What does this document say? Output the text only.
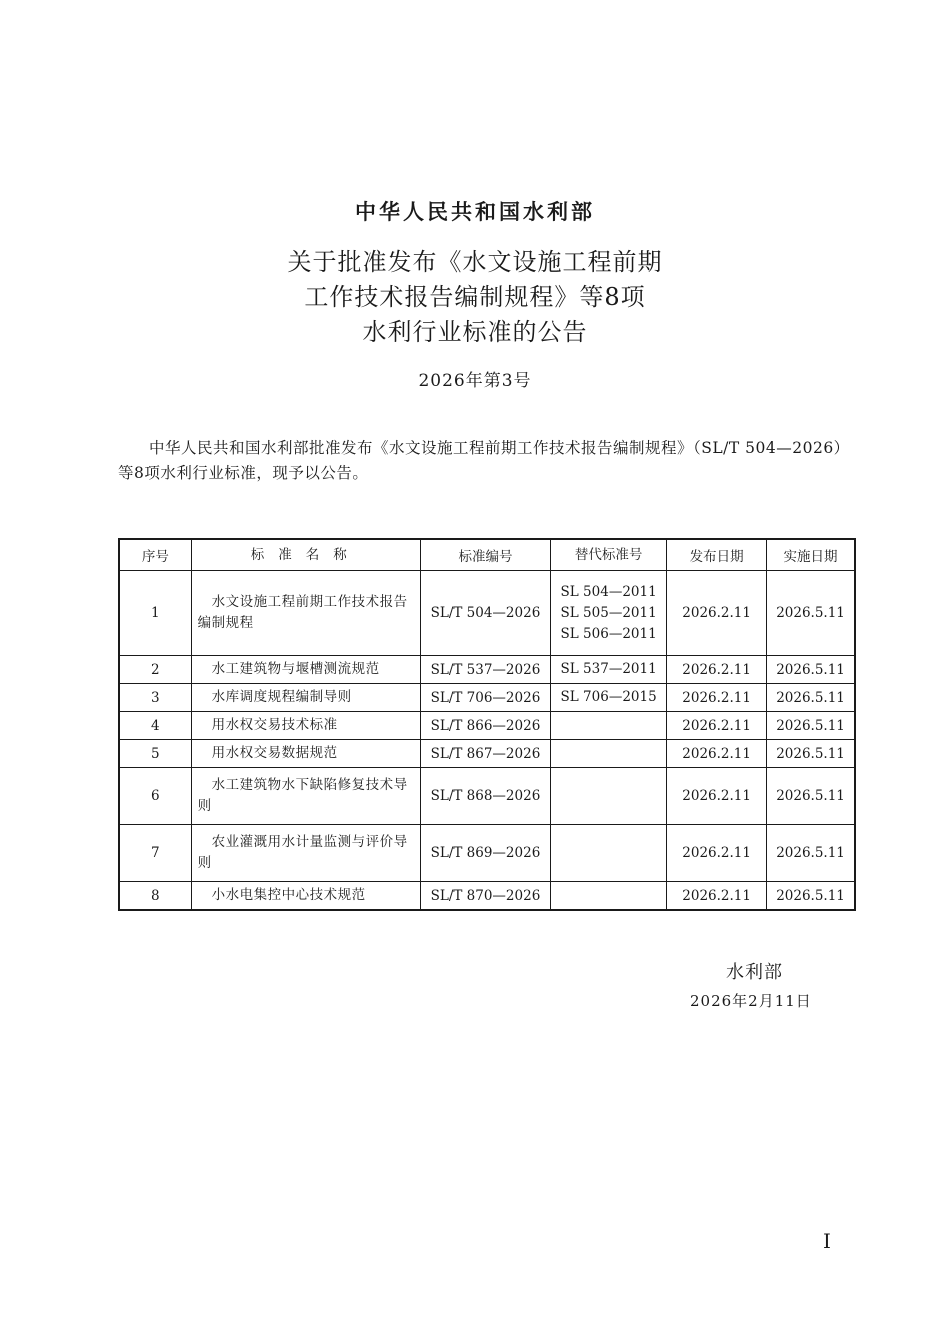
中华人民共和国水利部
关于批准发布《水文设施工程前期
工作技术报告编制规程》等8项
水利行业标准的公告
2026年第3号
中华人民共和国水利部批准发布《水文设施工程前期工作技术报告编制规程》（SL/T 504—2026）等8项水利行业标准，现予以公告。
序号	标准名称	标准编号	替代标准号	发布日期	实施日期
1	水文设施工程前期工作技术报告编制规程	SL/T 504—2026	SL 504—2011
SL 505—2011
SL 506—2011	2026.2.11	2026.5.11
2	水工建筑物与堰槽测流规范	SL/T 537—2026	SL 537—2011	2026.2.11	2026.5.11
3	水库调度规程编制导则	SL/T 706—2026	SL 706—2015	2026.2.11	2026.5.11
4	用水权交易技术标准	SL/T 866—2026		2026.2.11	2026.5.11
5	用水权交易数据规范	SL/T 867—2026		2026.2.11	2026.5.11
6	水工建筑物水下缺陷修复技术导则	SL/T 868—2026		2026.2.11	2026.5.11
7	农业灌溉用水计量监测与评价导则	SL/T 869—2026		2026.2.11	2026.5.11
8	小水电集控中心技术规范	SL/T 870—2026		2026.2.11	2026.5.11
水利部
2026年2月11日
I
